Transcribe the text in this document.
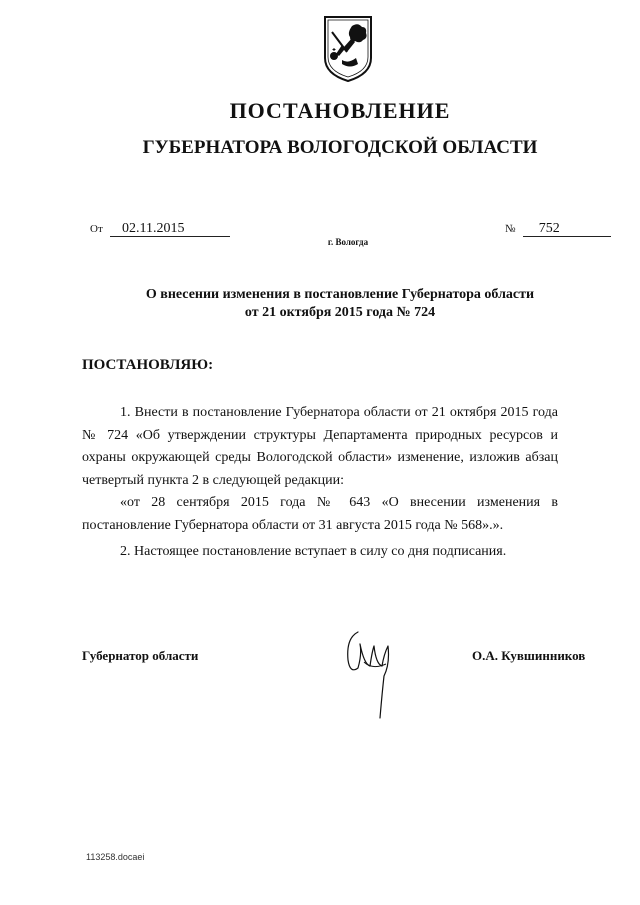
ПОСТАНОВЛЕНИЕ
ГУБЕРНАТОРА ВОЛОГОДСКОЙ ОБЛАСТИ
От 02.11.2015	№ 752
г. Вологда
О внесении изменения в постановление Губернатора области
от 21 октября 2015 года № 724
ПОСТАНОВЛЯЮ:

1. Внести в постановление Губернатора области от 21 октября 2015 года № 724 «Об утверждении структуры Департамента природных ресурсов и охраны окружающей среды Вологодской области» изменение, изложив абзац четвертый пункта 2 в следующей редакции:

«от 28 сентября 2015 года № 643 «О внесении изменения в постановление Губернатора области от 31 августа 2015 года № 568».».

2. Настоящее постановление вступает в силу со дня подписания.

Губернатор области	О.А. Кувшинников
113258.docaei
